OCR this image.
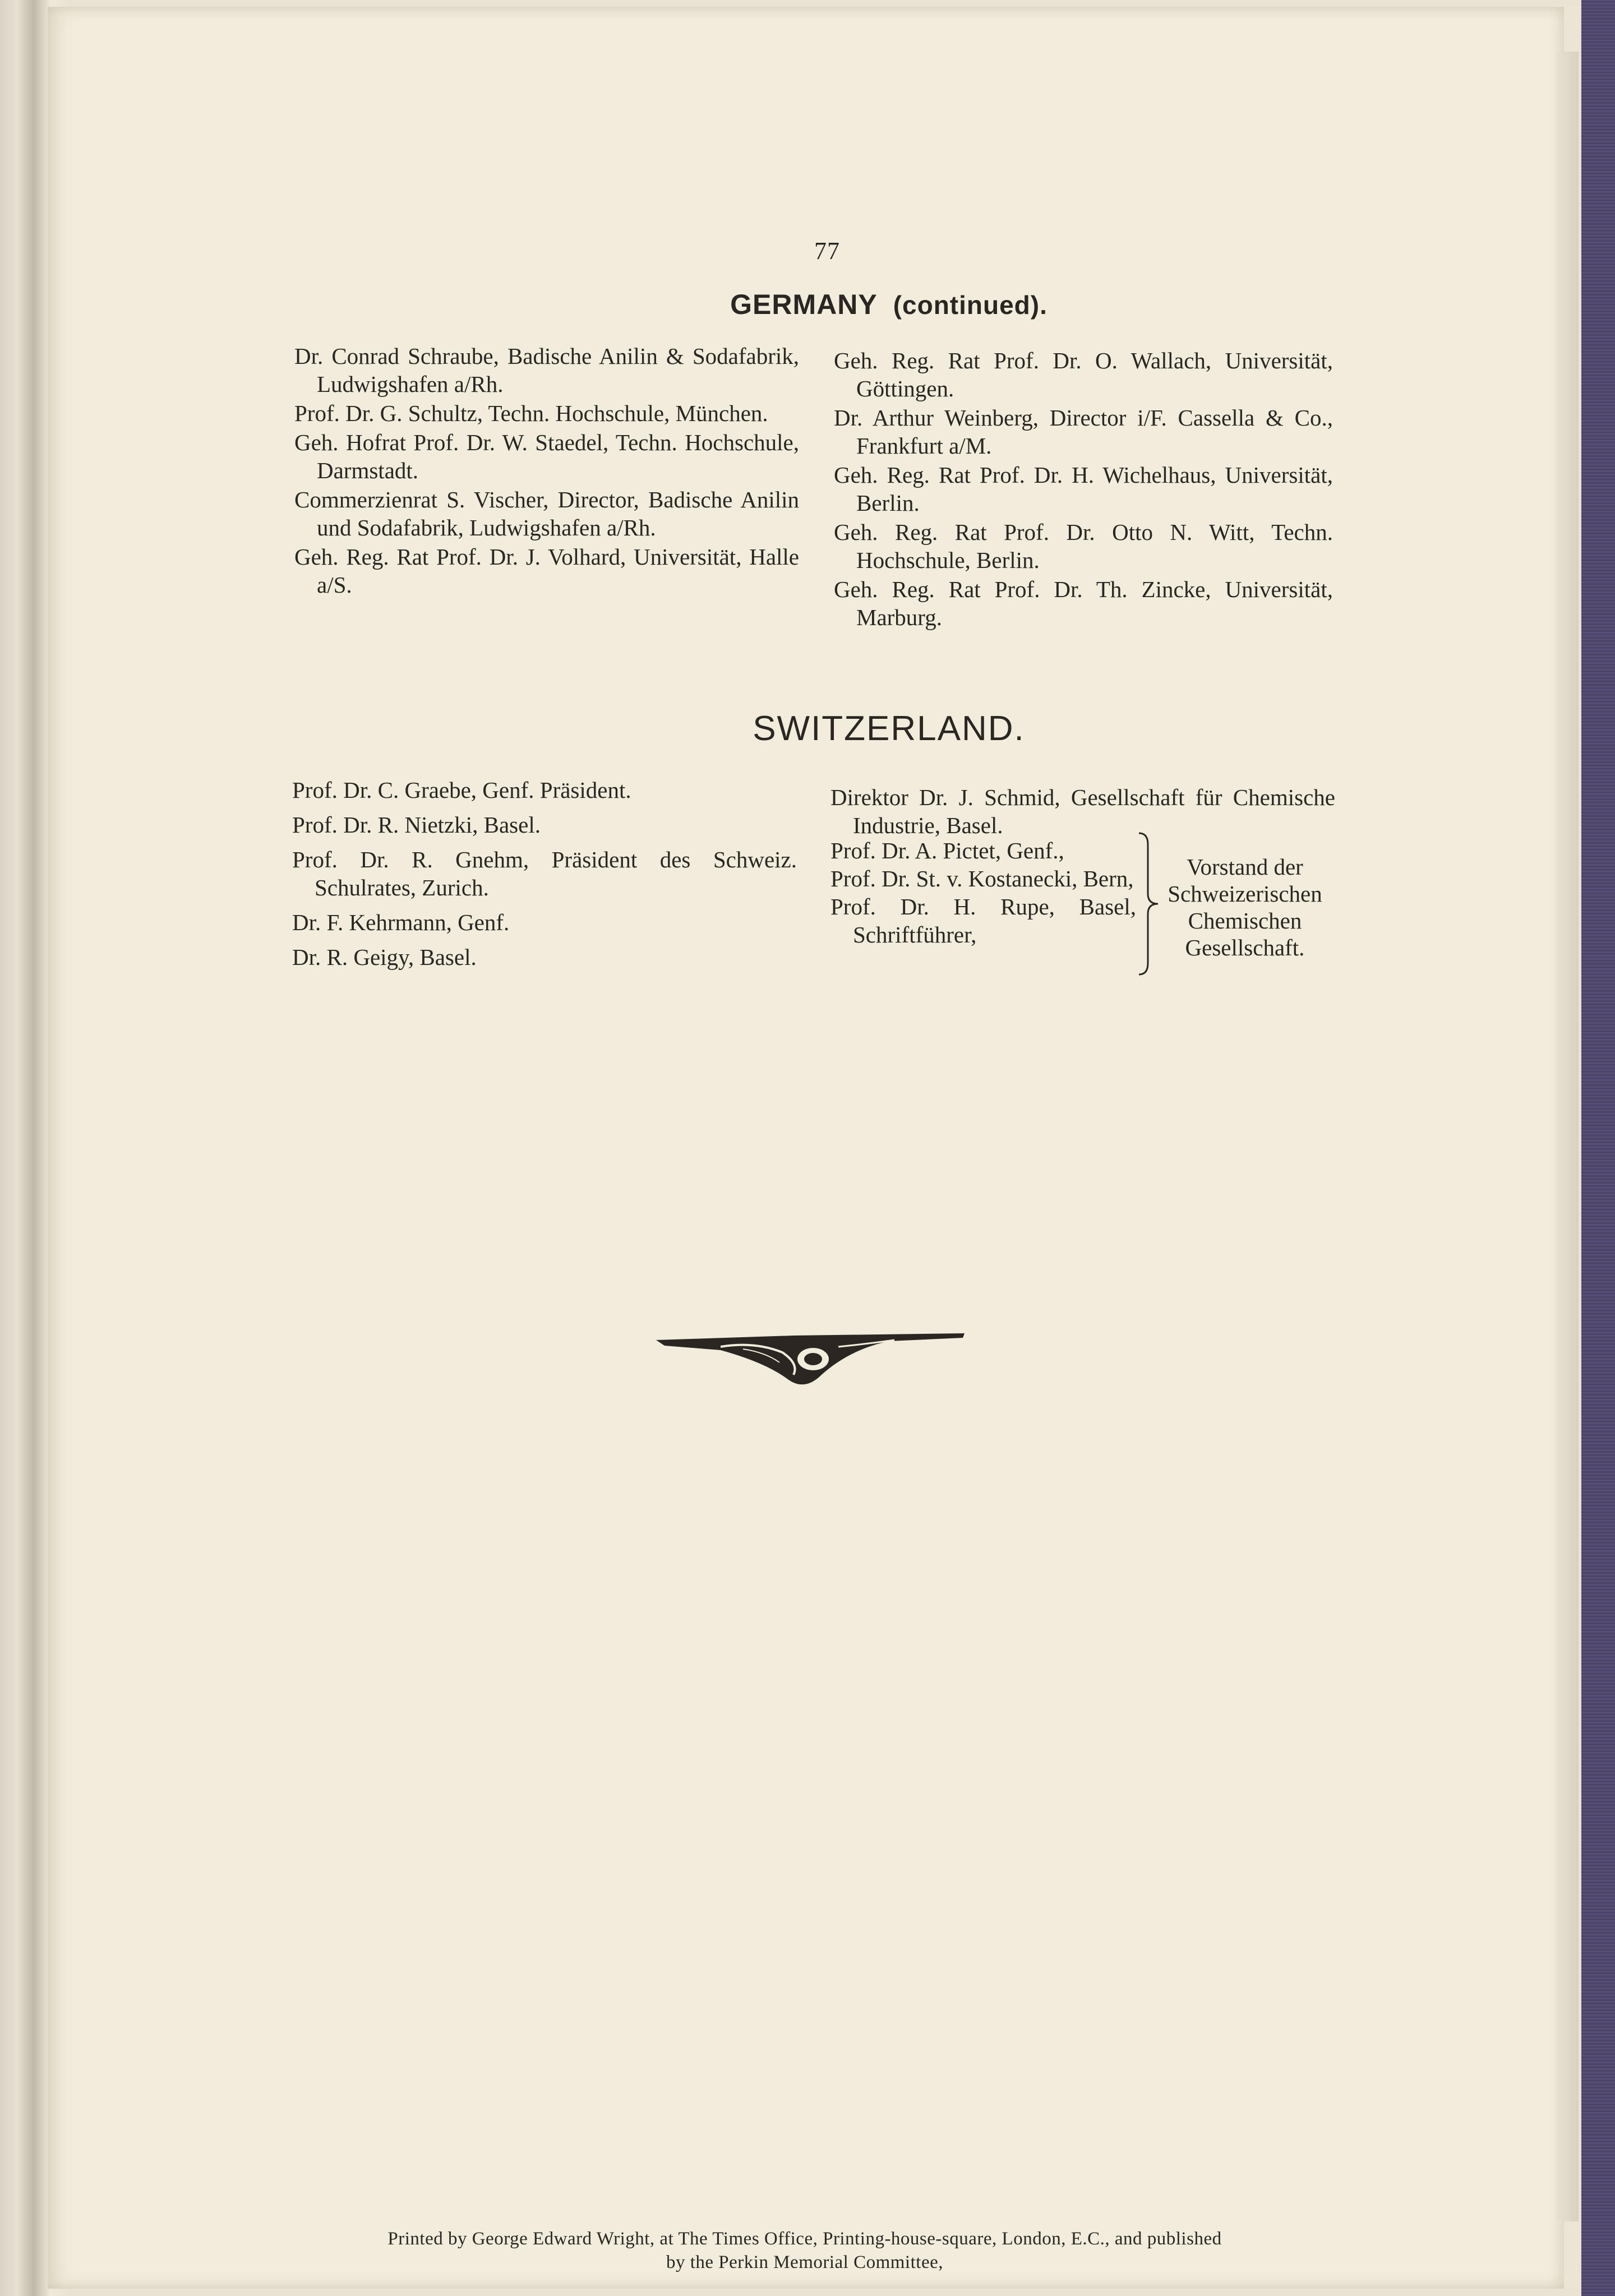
77
GERMANY (continued).
Dr. Conrad Schraube, Badische Anilin & Sodafabrik, Ludwigshafen a/Rh.
Prof. Dr. G. Schultz, Techn. Hochschule, München.
Geh. Hofrat Prof. Dr. W. Staedel, Techn. Hochschule, Darmstadt.
Commerzienrat S. Vischer, Director, Badische Anilin und Sodafabrik, Ludwigshafen a/Rh.
Geh. Reg. Rat Prof. Dr. J. Volhard, Universität, Halle a/S.
Geh. Reg. Rat Prof. Dr. O. Wallach, Universität, Göttingen.
Dr. Arthur Weinberg, Director i/F. Cassella & Co., Frankfurt a/M.
Geh. Reg. Rat Prof. Dr. H. Wichelhaus, Universität, Berlin.
Geh. Reg. Rat Prof. Dr. Otto N. Witt, Techn. Hochschule, Berlin.
Geh. Reg. Rat Prof. Dr. Th. Zincke, Universität, Marburg.
SWITZERLAND.
Prof. Dr. C. Graebe, Genf. Präsident.
Prof. Dr. R. Nietzki, Basel.
Prof. Dr. R. Gnehm, Präsident des Schweiz. Schulrates, Zurich.
Dr. F. Kehrmann, Genf.
Dr. R. Geigy, Basel.
Direktor Dr. J. Schmid, Gesellschaft für Chemische Industrie, Basel.
Prof. Dr. A. Pictet, Genf.,
Prof. Dr. St. v. Kostanecki, Bern,
Prof. Dr. H. Rupe, Basel, Schriftführer,
Vorstand der Schweizerischen Chemischen Gesellschaft.
Printed by George Edward Wright, at The Times Office, Printing-house-square, London, E.C., and published
by the Perkin Memorial Committee,
